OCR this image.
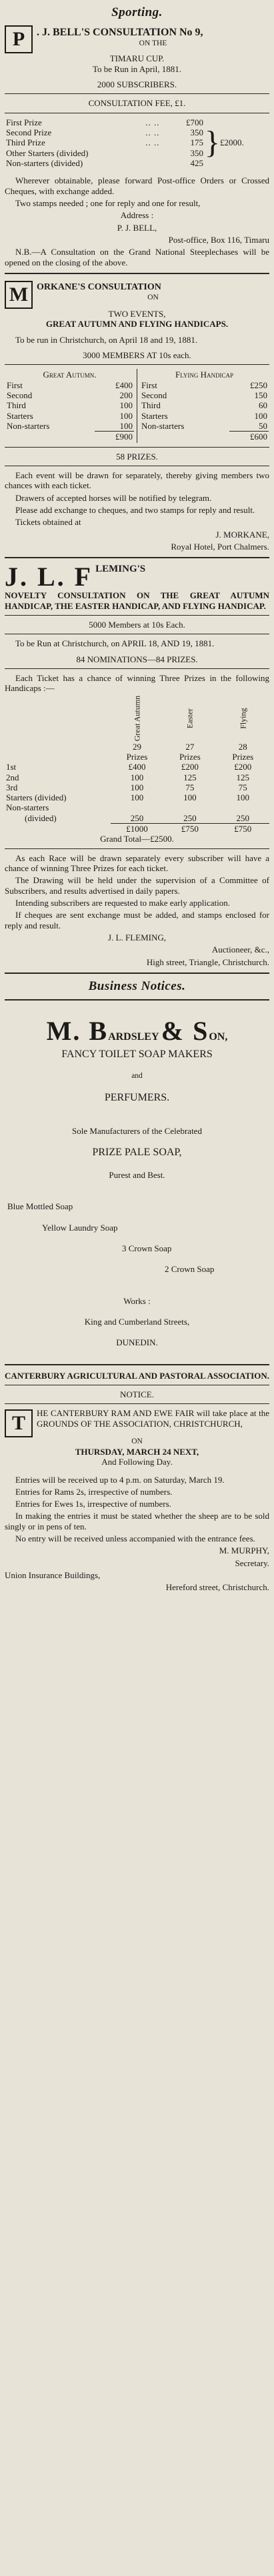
Sporting.
P	. J. BELL'S CONSULTATION No 9,
ON THE
TIMARU CUP.
To be Run in April, 1881.
2000 SUBSCRIBERS.
CONSULTATION FEE, £1.
First Prize	.. ..	£700
Second Prize	.. ..	350
Third Prize	.. ..	175
Other Starters (divided)		350
Non-starters (divided)		425
} £2000.
Wherever obtainable, please forward Post-office Orders or Crossed Cheques, with exchange added.
Two stamps needed ; one for reply and one for result,
Address :
P. J. BELL,
Post-office, Box 116, Timaru
N.B.—A Consultation on the Grand National Steeplechases will be opened on the closing of the above.
M ORKANE'S CONSULTATION
ON
TWO EVENTS,
GREAT AUTUMN AND FLYING HANDICAPS.
To be run in Christchurch, on April 18 and 19, 1881.
3000 MEMBERS AT 10s each.
Great Autumn.
First	£400
Second	200
Third	100
Starters	100
Non-starters	100
	£900

Flying Handicap
First	£250
Second	150
Third	60
Starters	100
Non-starters	50
	£600
58 PRIZES.
Each event will be drawn for separately, thereby giving members two chances with each ticket.
Drawers of accepted horses will be notified by telegram.
Please add exchange to cheques, and two stamps for reply and result.
Tickets obtained at
J. MORKANE,
Royal Hotel, Port Chalmers.
J. L. F LEMING'S
NOVELTY CONSULTATION ON THE GREAT AUTUMN HANDICAP, THE EASTER HANDICAP, AND FLYING HANDICAP.
5000 Members at 10s Each.
To be Run at Christchurch, on APRIL 18, AND 19, 1881.
84 NOMINATIONS—84 PRIZES.
Each Ticket has a chance of winning Three Prizes in the following Handicaps :—

	Great Autumn	Easter	Flying

	29	27	28
	Prizes	Prizes	Prizes
1st	£400	£200	£200
2nd	100	125	125
3rd	100	75	75
Starters (divided)	100	100	100
Non-starters			
(divided)	250	250	250
	£1000	£750	£750
Grand Total—£2500.
As each Race will be drawn separately every subscriber will have a chance of winning Three Prizes for each ticket.
The Drawing will be held under the supervision of a Committee of Subscribers, and results advertised in daily papers.
Intending subscribers are requested to make early application.
If cheques are sent exchange must be added, and stamps enclosed for reply and result.
J. L. FLEMING,
Auctioneer, &c.,
High street, Triangle, Christchurch.
Business Notices.
M. BARDSLEY & SON,
FANCY TOILET SOAP MAKERS
and
PERFUMERS.
Sole Manufacturers of the Celebrated
PRIZE PALE SOAP,
Purest and Best.
Blue Mottled Soap
Yellow Laundry Soap
3 Crown Soap
2 Crown Soap
Works :
King and Cumberland Streets,
DUNEDIN.
CANTERBURY AGRICULTURAL AND PASTORAL ASSOCIATION.
NOTICE.
T	HE CANTERBURY RAM AND EWE FAIR will take place at the GROUNDS OF THE ASSOCIATION, CHRISTCHURCH,
ON
THURSDAY, MARCH 24 NEXT,
And Following Day.
Entries will be received up to 4 p.m. on Saturday, March 19.
Entries for Rams 2s, irrespective of numbers.
Entries for Ewes 1s, irrespective of numbers.
In making the entries it must be stated whether the sheep are to be sold singly or in pens of ten.
No entry will be received unless accompanied with the entrance fees.
M. MURPHY,
Secretary.
Union Insurance Buildings,
Hereford street, Christchurch.
